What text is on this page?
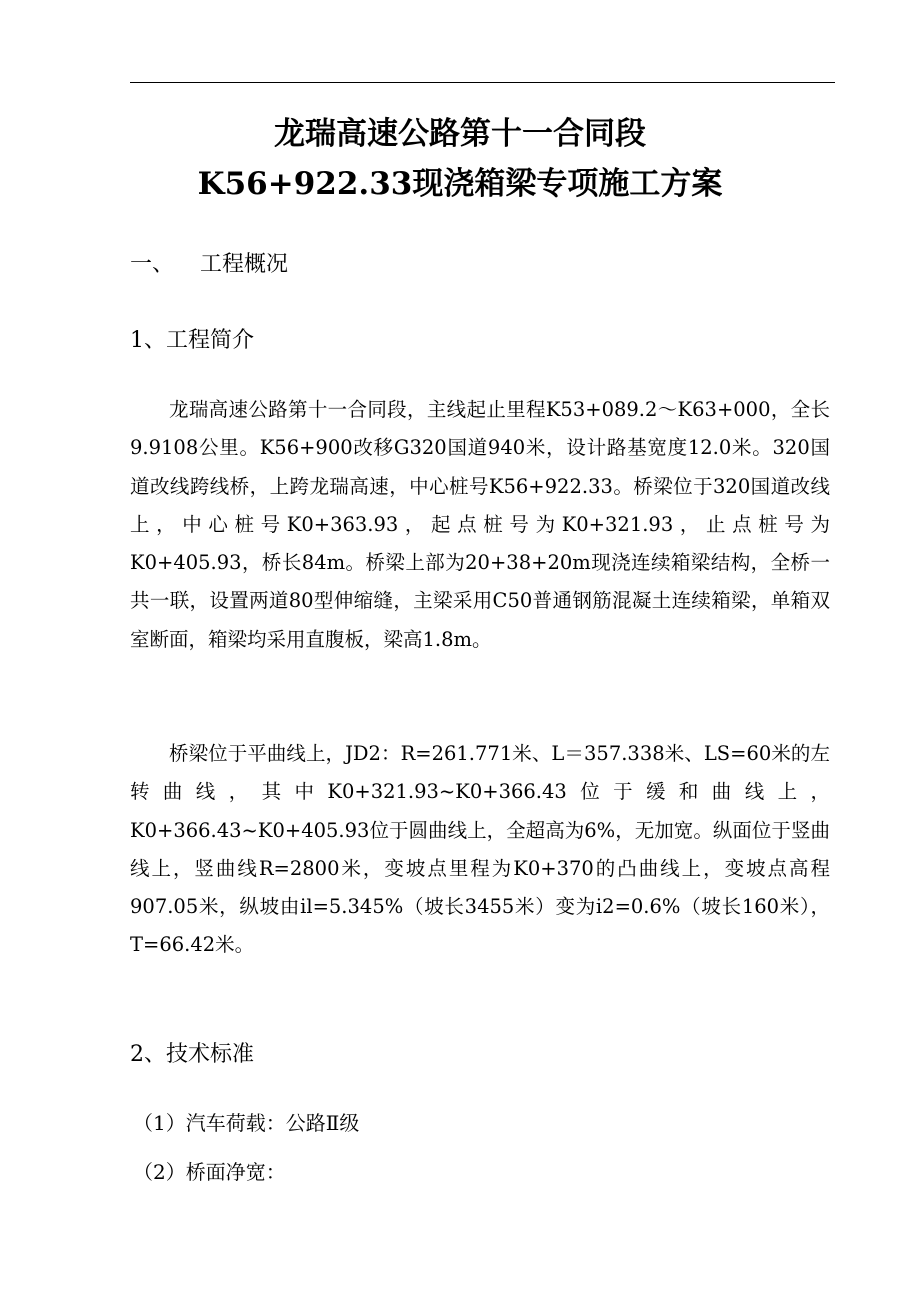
龙瑞高速公路第十一合同段
K56+922.33现浇箱梁专项施工方案
一、 工程概况
1、工程简介
龙瑞高速公路第十一合同段，主线起止里程K53+089.2～K63+000，全长9.9108公里。K56+900改移G320国道940米，设计路基宽度12.0米。320国道改线跨线桥，上跨龙瑞高速，中心桩号K56+922.33。桥梁位于320国道改线上，中心桩号K0+363.93，起点桩号为K0+321.93，止点桩号为K0+405.93，桥长84m。桥梁上部为20+38+20m现浇连续箱梁结构，全桥一共一联，设置两道80型伸缩缝，主梁采用C50普通钢筋混凝土连续箱梁，单箱双室断面，箱梁均采用直腹板，梁高1.8m。
桥梁位于平曲线上，JD2：R=261.771米、L＝357.338米、LS=60米的左转曲线，其中K0+321.93~K0+366.43位于缓和曲线上，K0+366.43~K0+405.93位于圆曲线上，全超高为6%，无加宽。纵面位于竖曲线上，竖曲线R=2800米，变坡点里程为K0+370的凸曲线上，变坡点高程907.05米，纵坡由il=5.345%（坡长3455米）变为i2=0.6%（坡长160米），T=66.42米。
2、技术标准
（1）汽车荷载：公路Ⅱ级
（2）桥面净宽：
